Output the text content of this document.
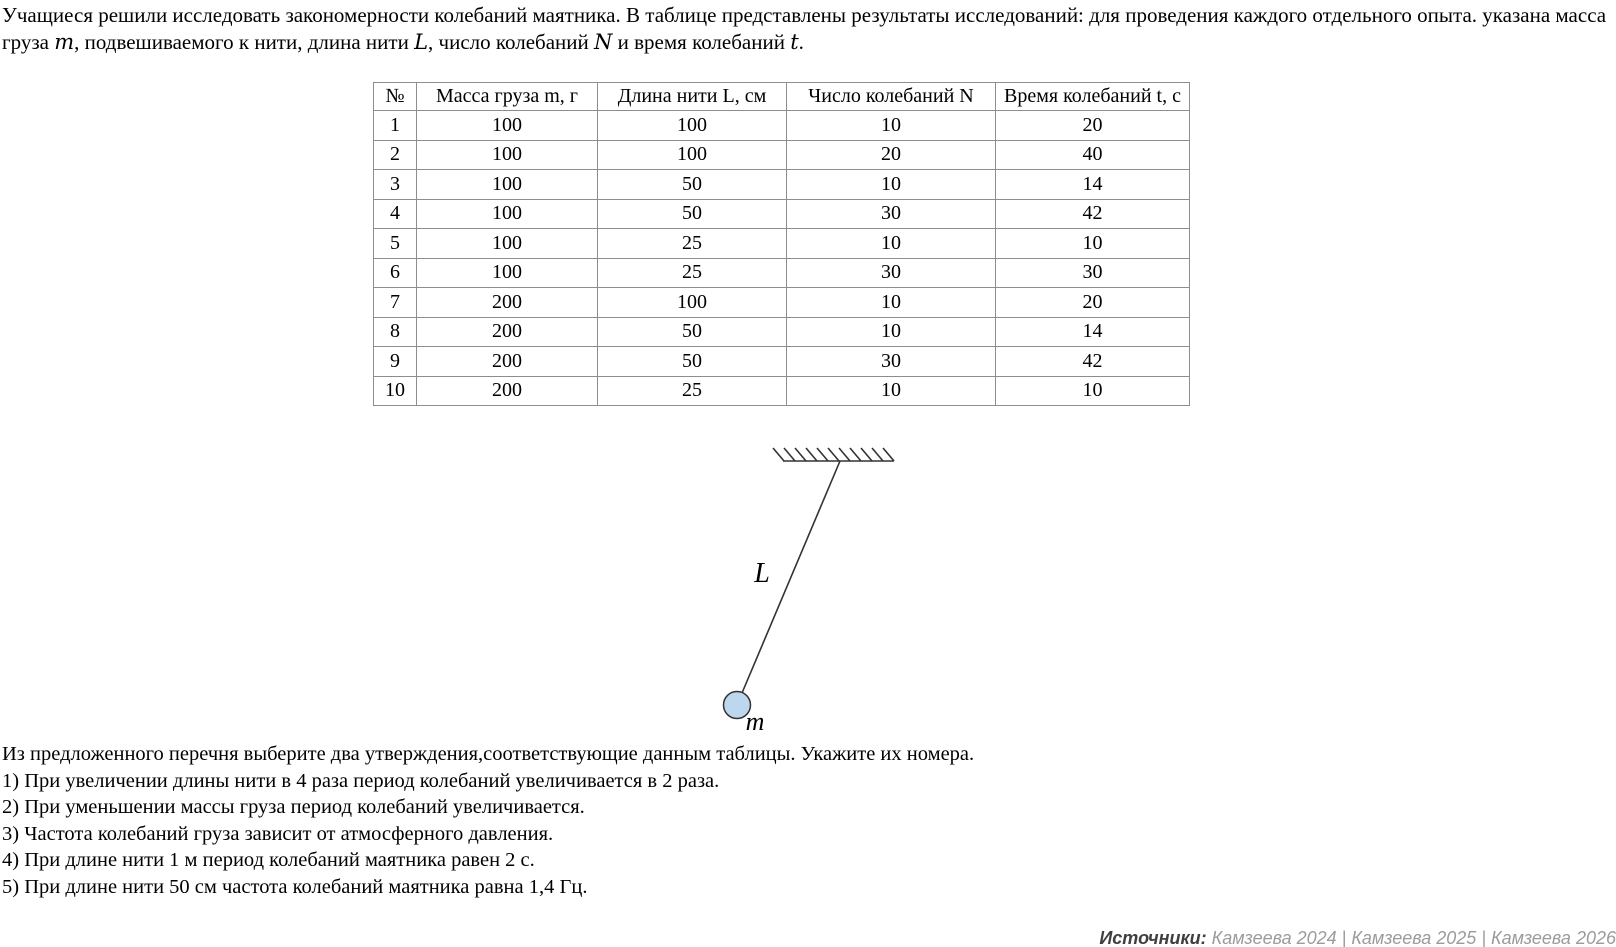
Учащиеся решили исследовать закономерности колебаний маятника. В таблице представлены результаты исследований: для проведения каждого отдельного опыта. указана масса груза m, подвешиваемого к нити, длина нити L, число колебаний N и время колебаний t.
№	Масса груза m, г	Длина нити L, см	Число колебаний N	Время колебаний t, с
1	100	100	10	20
2	100	100	20	40
3	100	50	10	14
4	100	50	30	42
5	100	25	10	10
6	100	25	30	30
7	200	100	10	20
8	200	50	10	14
9	200	50	30	42
10	200	25	10	10
L
m
Из предложенного перечня выберите два утверждения,соответствующие данным таблицы. Укажите их номера.
1) При увеличении длины нити в 4 раза период колебаний увеличивается в 2 раза.
2) При уменьшении массы груза период колебаний увеличивается.
3) Частота колебаний груза зависит от атмосферного давления.
4) При длине нити 1 м период колебаний маятника равен 2 с.
5) При длине нити 50 см частота колебаний маятника равна 1,4 Гц.
Источники: Камзеева 2024 | Камзеева 2025 | Камзеева 2026
